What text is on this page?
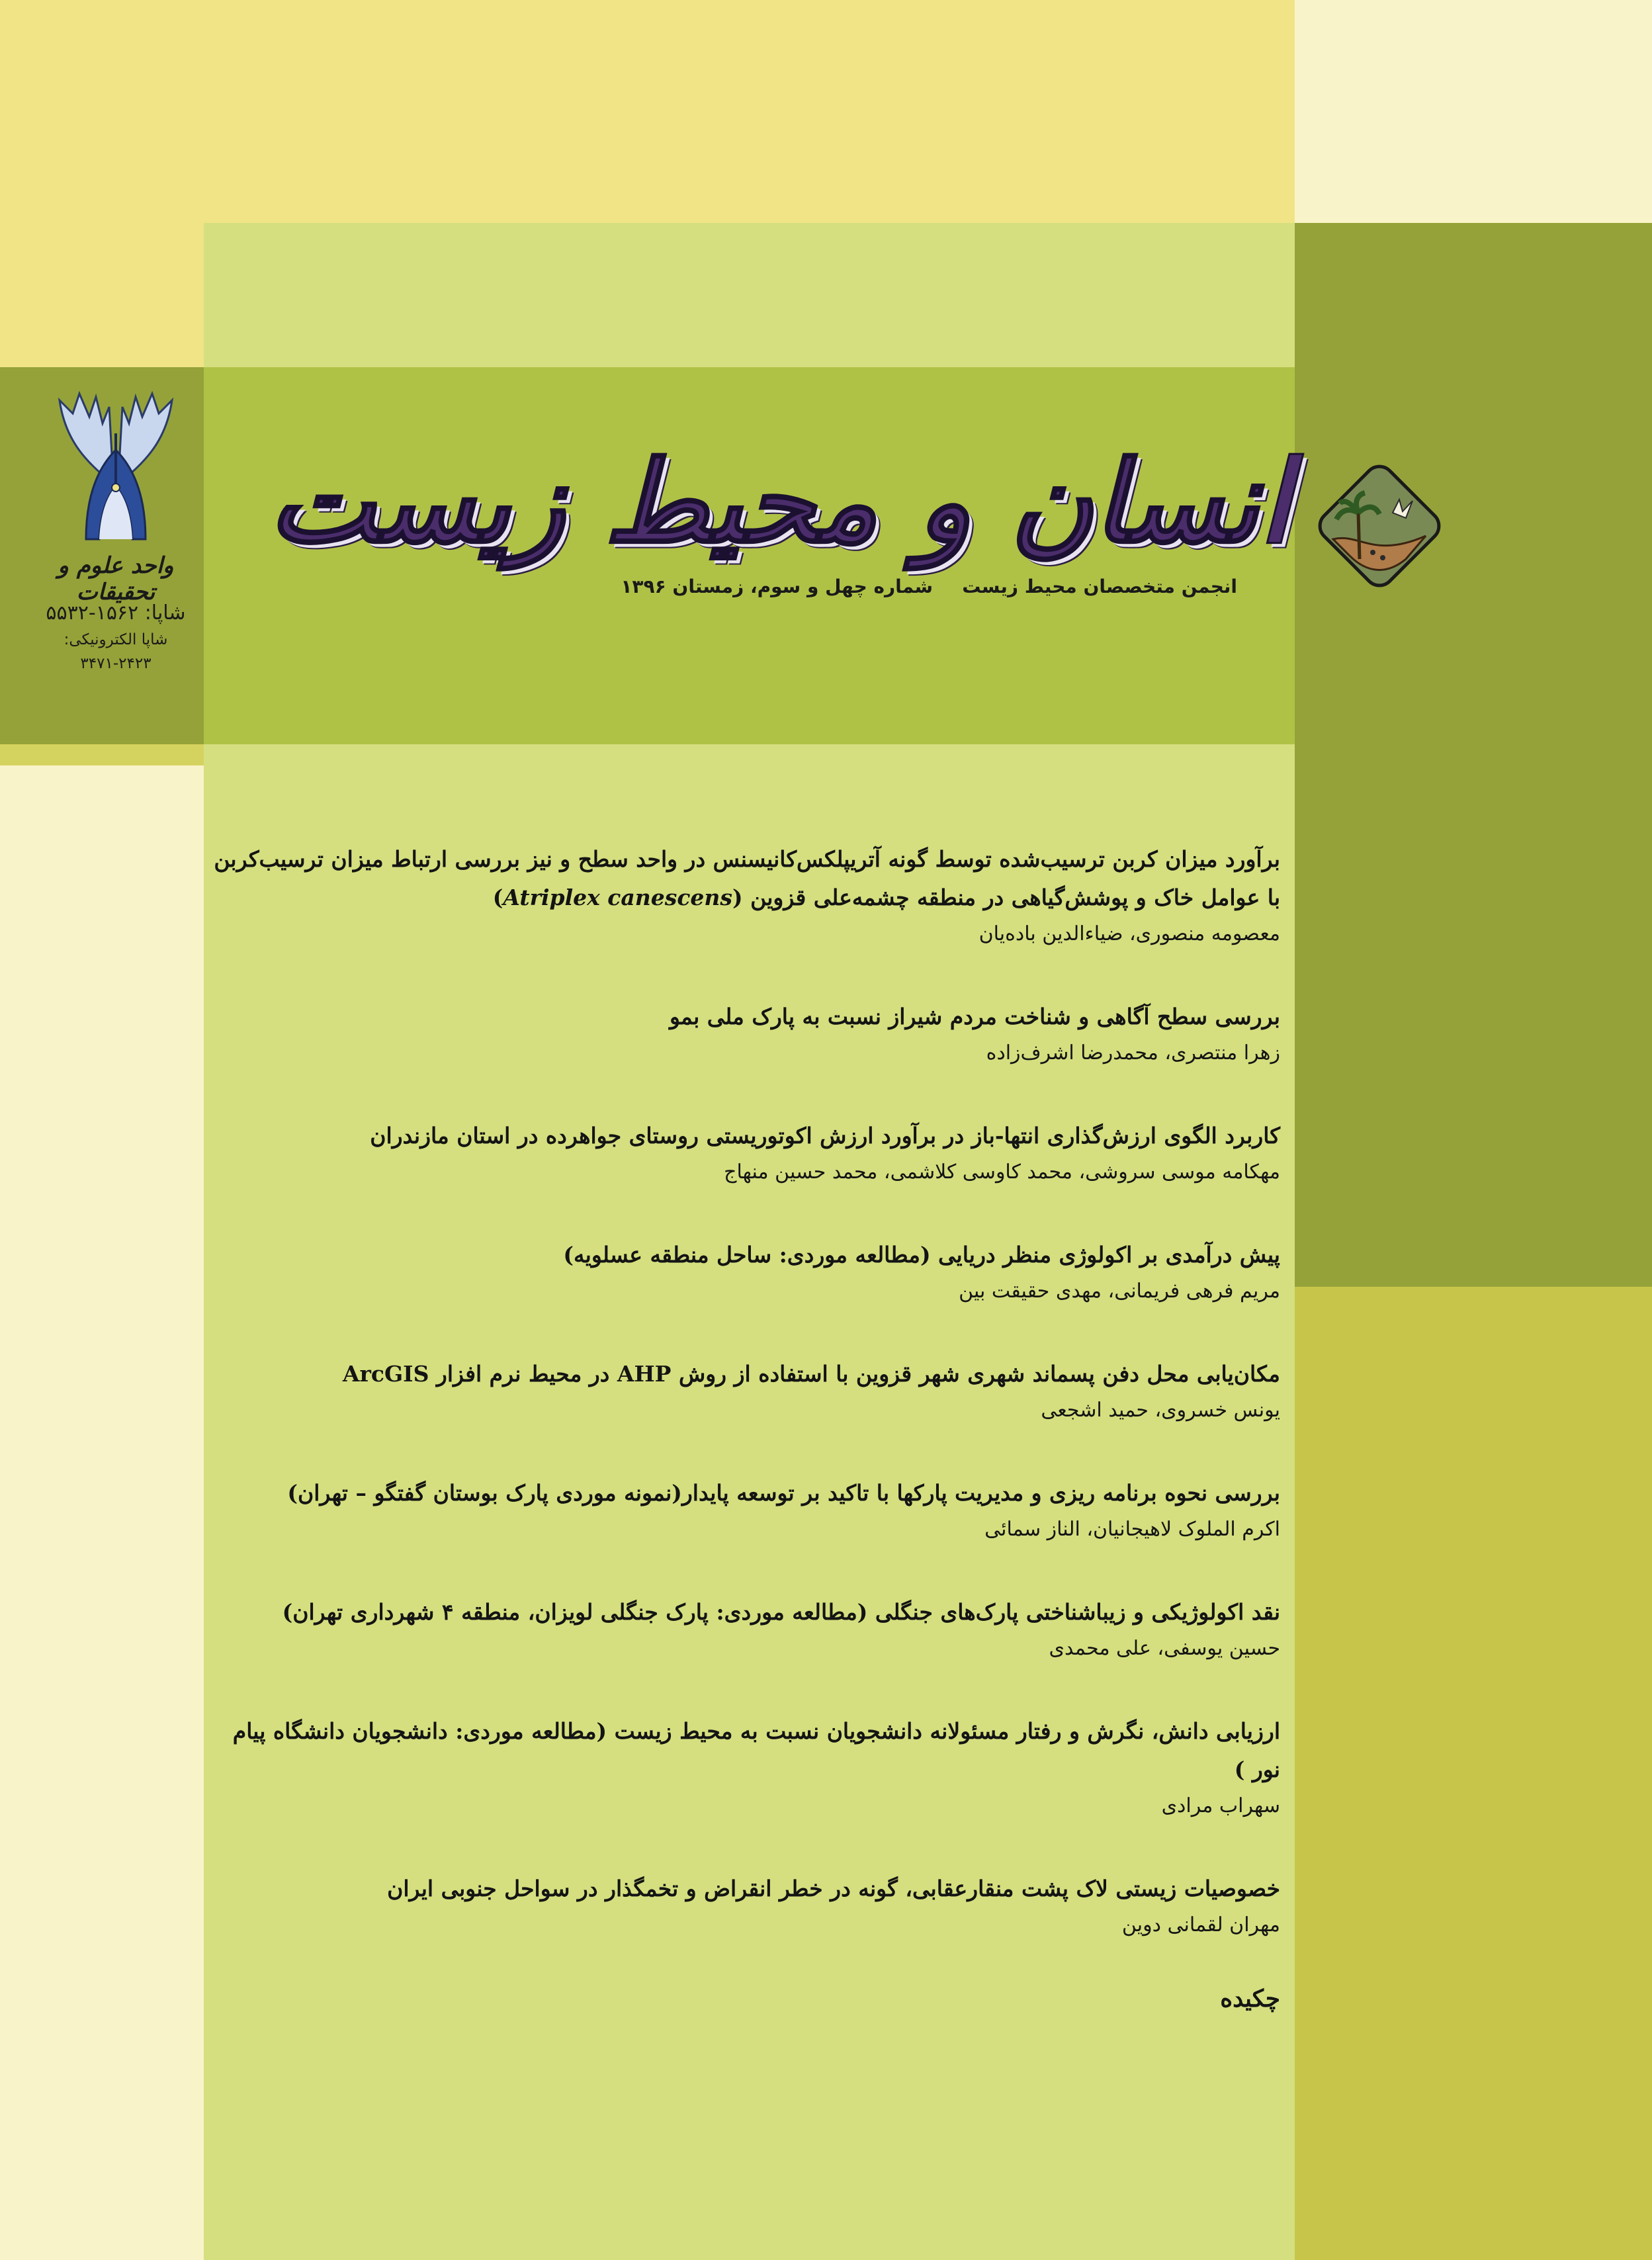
واحد علوم و تحقیقات
شاپا: ۱۵۶۲-۵۵۳۲
شاپا الکترونیکی: ۲۴۲۳-۳۴۷۱
انسان و محیط زیست
انجمن متخصصان محیط زیست
شماره چهل و سوم، زمستان ۱۳۹۶
برآورد میزان کربن ترسیب‌شده توسط گونه آتریپلکس‌کانیسنس در واحد سطح و نیز بررسی ارتباط میزان ترسیب‌کربن با عوامل خاک و پوشش‌گیاهی در منطقه چشمه‌علی قزوین (Atriplex canescens)
معصومه منصوری، ضیاءالدین باده‌یان
بررسی سطح آگاهی و شناخت مردم شیراز نسبت به پارک ملی بمو
زهرا منتصری، محمدرضا اشرف‌زاده
کاربرد الگوی ارزش‌گذاری انتها-باز در برآورد ارزش اکوتوریستی روستای جواهرده در استان مازندران
مهکامه موسی سروشی، محمد کاوسی کلاشمی، محمد حسین منهاج
پیش درآمدی بر اکولوژی منظر دریایی (مطالعه موردی: ساحل منطقه عسلویه)
مریم فرهی فریمانی، مهدی حقیقت بین
مکان‌یابی محل دفن پسماند شهری شهر قزوین با استفاده از روش AHP در محیط نرم افزار ArcGIS
یونس خسروی، حمید اشجعی
بررسی نحوه برنامه ریزی و مدیریت پارکها با تاکید بر توسعه پایدار(نمونه موردی پارک بوستان گفتگو – تهران)
اکرم الملوک لاهیجانیان، الناز سمائی
نقد اکولوژیکی و زیباشناختی پارک‌های جنگلی (مطالعه موردی: پارک جنگلی لویزان، منطقه ۴ شهرداری تهران)
حسین یوسفی، علی محمدی
ارزیابی دانش، نگرش و رفتار مسئولانه دانشجویان نسبت به محیط زیست (مطالعه موردی: دانشجویان دانشگاه پیام نور )
سهراب مرادی
خصوصیات زیستی لاک پشت منقارعقابی، گونه در خطر انقراض و تخمگذار در سواحل جنوبی ایران
مهران لقمانی دوین
چکیده
